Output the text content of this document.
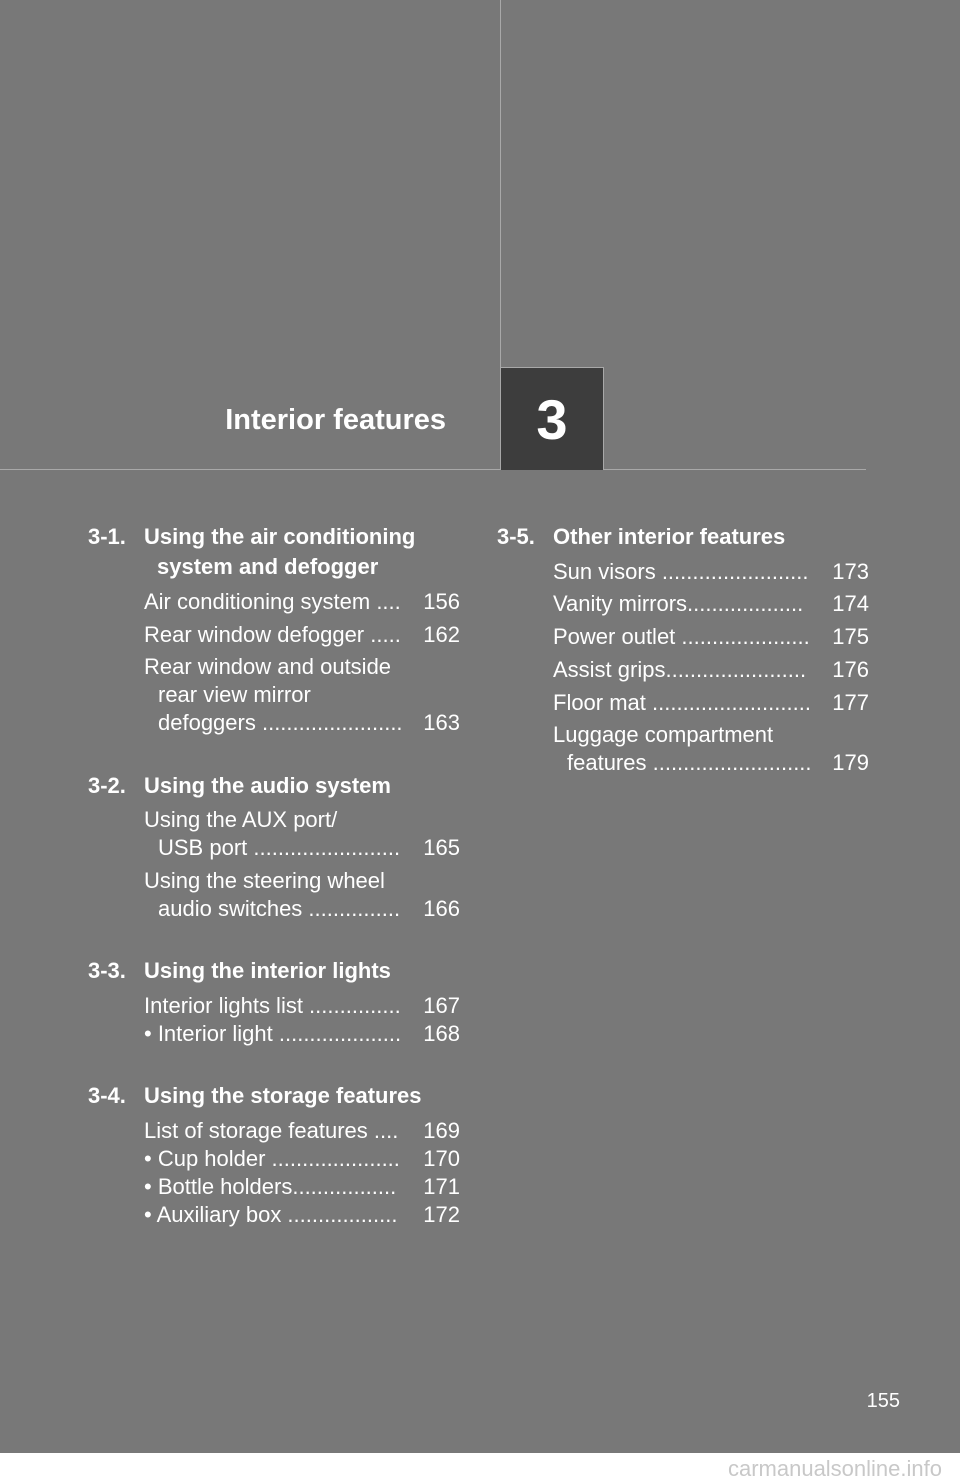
Interior features	3
3-1. Using the air conditioning
system and defogger
Air conditioning system .... 156
Rear window defogger ..... 162
Rear window and outside
rear view mirror
defoggers ....................... 163
3-2. Using the audio system
Using the AUX port/
USB port ........................ 165
Using the steering wheel
audio switches ............... 166
3-3. Using the interior lights
Interior lights list ............... 167
• Interior light .................... 168
3-4. Using the storage features
List of storage features .... 169
• Cup holder ..................... 170
• Bottle holders................. 171
• Auxiliary box .................. 172
3-5. Other interior features
Sun visors ........................ 173
Vanity mirrors................... 174
Power outlet ..................... 175
Assist grips....................... 176
Floor mat .......................... 177
Luggage compartment
features .......................... 179
155
carmanualsonline.info
